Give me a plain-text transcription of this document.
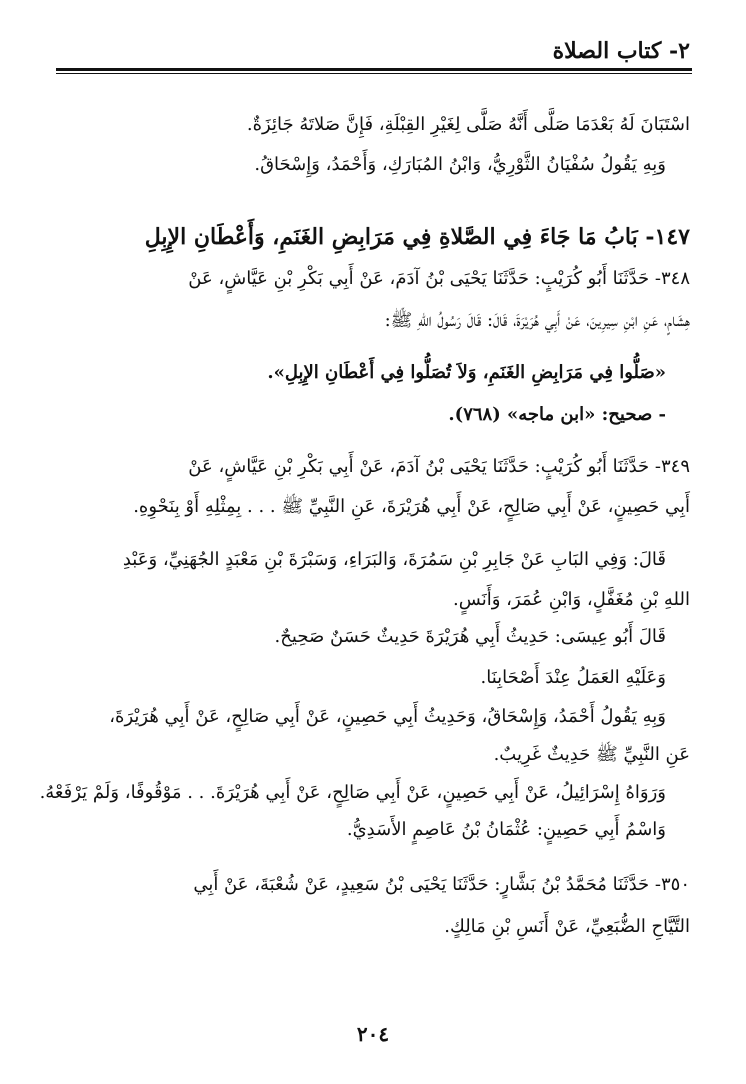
٢- كتاب الصلاة
اسْتَبَانَ لَهُ بَعْدَمَا صَلَّى أَنَّهُ صَلَّى لِغَيْرِ القِبْلَةِ، فَإِنَّ صَلاتَهُ جَائِزَةٌ.
وَبِهِ يَقُولُ سُفْيَانُ الثَّوْرِيُّ، وَابْنُ المُبَارَكِ، وَأَحْمَدُ، وَإِسْحَاقُ.
١٤٧- بَابُ مَا جَاءَ فِي الصَّلاةِ فِي مَرَابِضِ الغَنَمِ، وَأَعْطَانِ الإِبِلِ
٣٤٨- حَدَّثَنَا أَبُو كُرَيْبٍ: حَدَّثَنَا يَحْيَى بْنُ آدَمَ، عَنْ أَبِي بَكْرِ بْنِ عَيَّاشٍ، عَنْ
هِشَامٍ، عَنِ ابْنِ سِيرِينَ، عَنْ أَبِي هُرَيْرَةَ، قَالَ: قَالَ رَسُولُ اللهِ ﷺ:
«صَلُّوا فِي مَرَابِضِ الغَنَمِ، وَلاَ تُصَلُّوا فِي أَعْطَانِ الإِبِلِ».
- صحيح: «ابن ماجه» (٧٦٨).
٣٤٩- حَدَّثَنَا أَبُو كُرَيْبٍ: حَدَّثَنَا يَحْيَى بْنُ آدَمَ، عَنْ أَبِي بَكْرِ بْنِ عَيَّاشٍ، عَنْ
أَبِي حَصِينٍ، عَنْ أَبِي صَالِحٍ، عَنْ أَبِي هُرَيْرَةَ، عَنِ النَّبِيِّ ﷺ . . . بِمِثْلِهِ أَوْ بِنَحْوِهِ.
قَالَ: وَفِي البَابِ عَنْ جَابِرِ بْنِ سَمُرَةَ، وَالبَرَاءِ، وَسَبْرَةَ بْنِ مَعْبَدٍ الجُهَنِيِّ، وَعَبْدِ
اللهِ بْنِ مُغَفَّلٍ، وَابْنِ عُمَرَ، وَأَنَسٍ.
قَالَ أَبُو عِيسَى: حَدِيثُ أَبِي هُرَيْرَةَ حَدِيثٌ حَسَنٌ صَحِيحٌ.
وَعَلَيْهِ العَمَلُ عِنْدَ أَصْحَابِنَا.
وَبِهِ يَقُولُ أَحْمَدُ، وَإِسْحَاقُ، وَحَدِيثُ أَبِي حَصِينٍ، عَنْ أَبِي صَالِحٍ، عَنْ أَبِي هُرَيْرَةَ،
عَنِ النَّبِيِّ ﷺ حَدِيثٌ غَرِيبٌ.
وَرَوَاهُ إِسْرَائِيلُ، عَنْ أَبِي حَصِينٍ، عَنْ أَبِي صَالِحٍ، عَنْ أَبِي هُرَيْرَةَ. . . مَوْقُوفًا، وَلَمْ يَرْفَعْهُ.
وَاسْمُ أَبِي حَصِينٍ: عُثْمَانُ بْنُ عَاصِمٍ الأَسَدِيُّ.
٣٥٠- حَدَّثَنَا مُحَمَّدُ بْنُ بَشَّارٍ: حَدَّثَنَا يَحْيَى بْنُ سَعِيدٍ، عَنْ شُعْبَةَ، عَنْ أَبِي
التَّيَّاحِ الضُّبَعِيِّ، عَنْ أَنَسِ بْنِ مَالِكٍ.
٢٠٤
